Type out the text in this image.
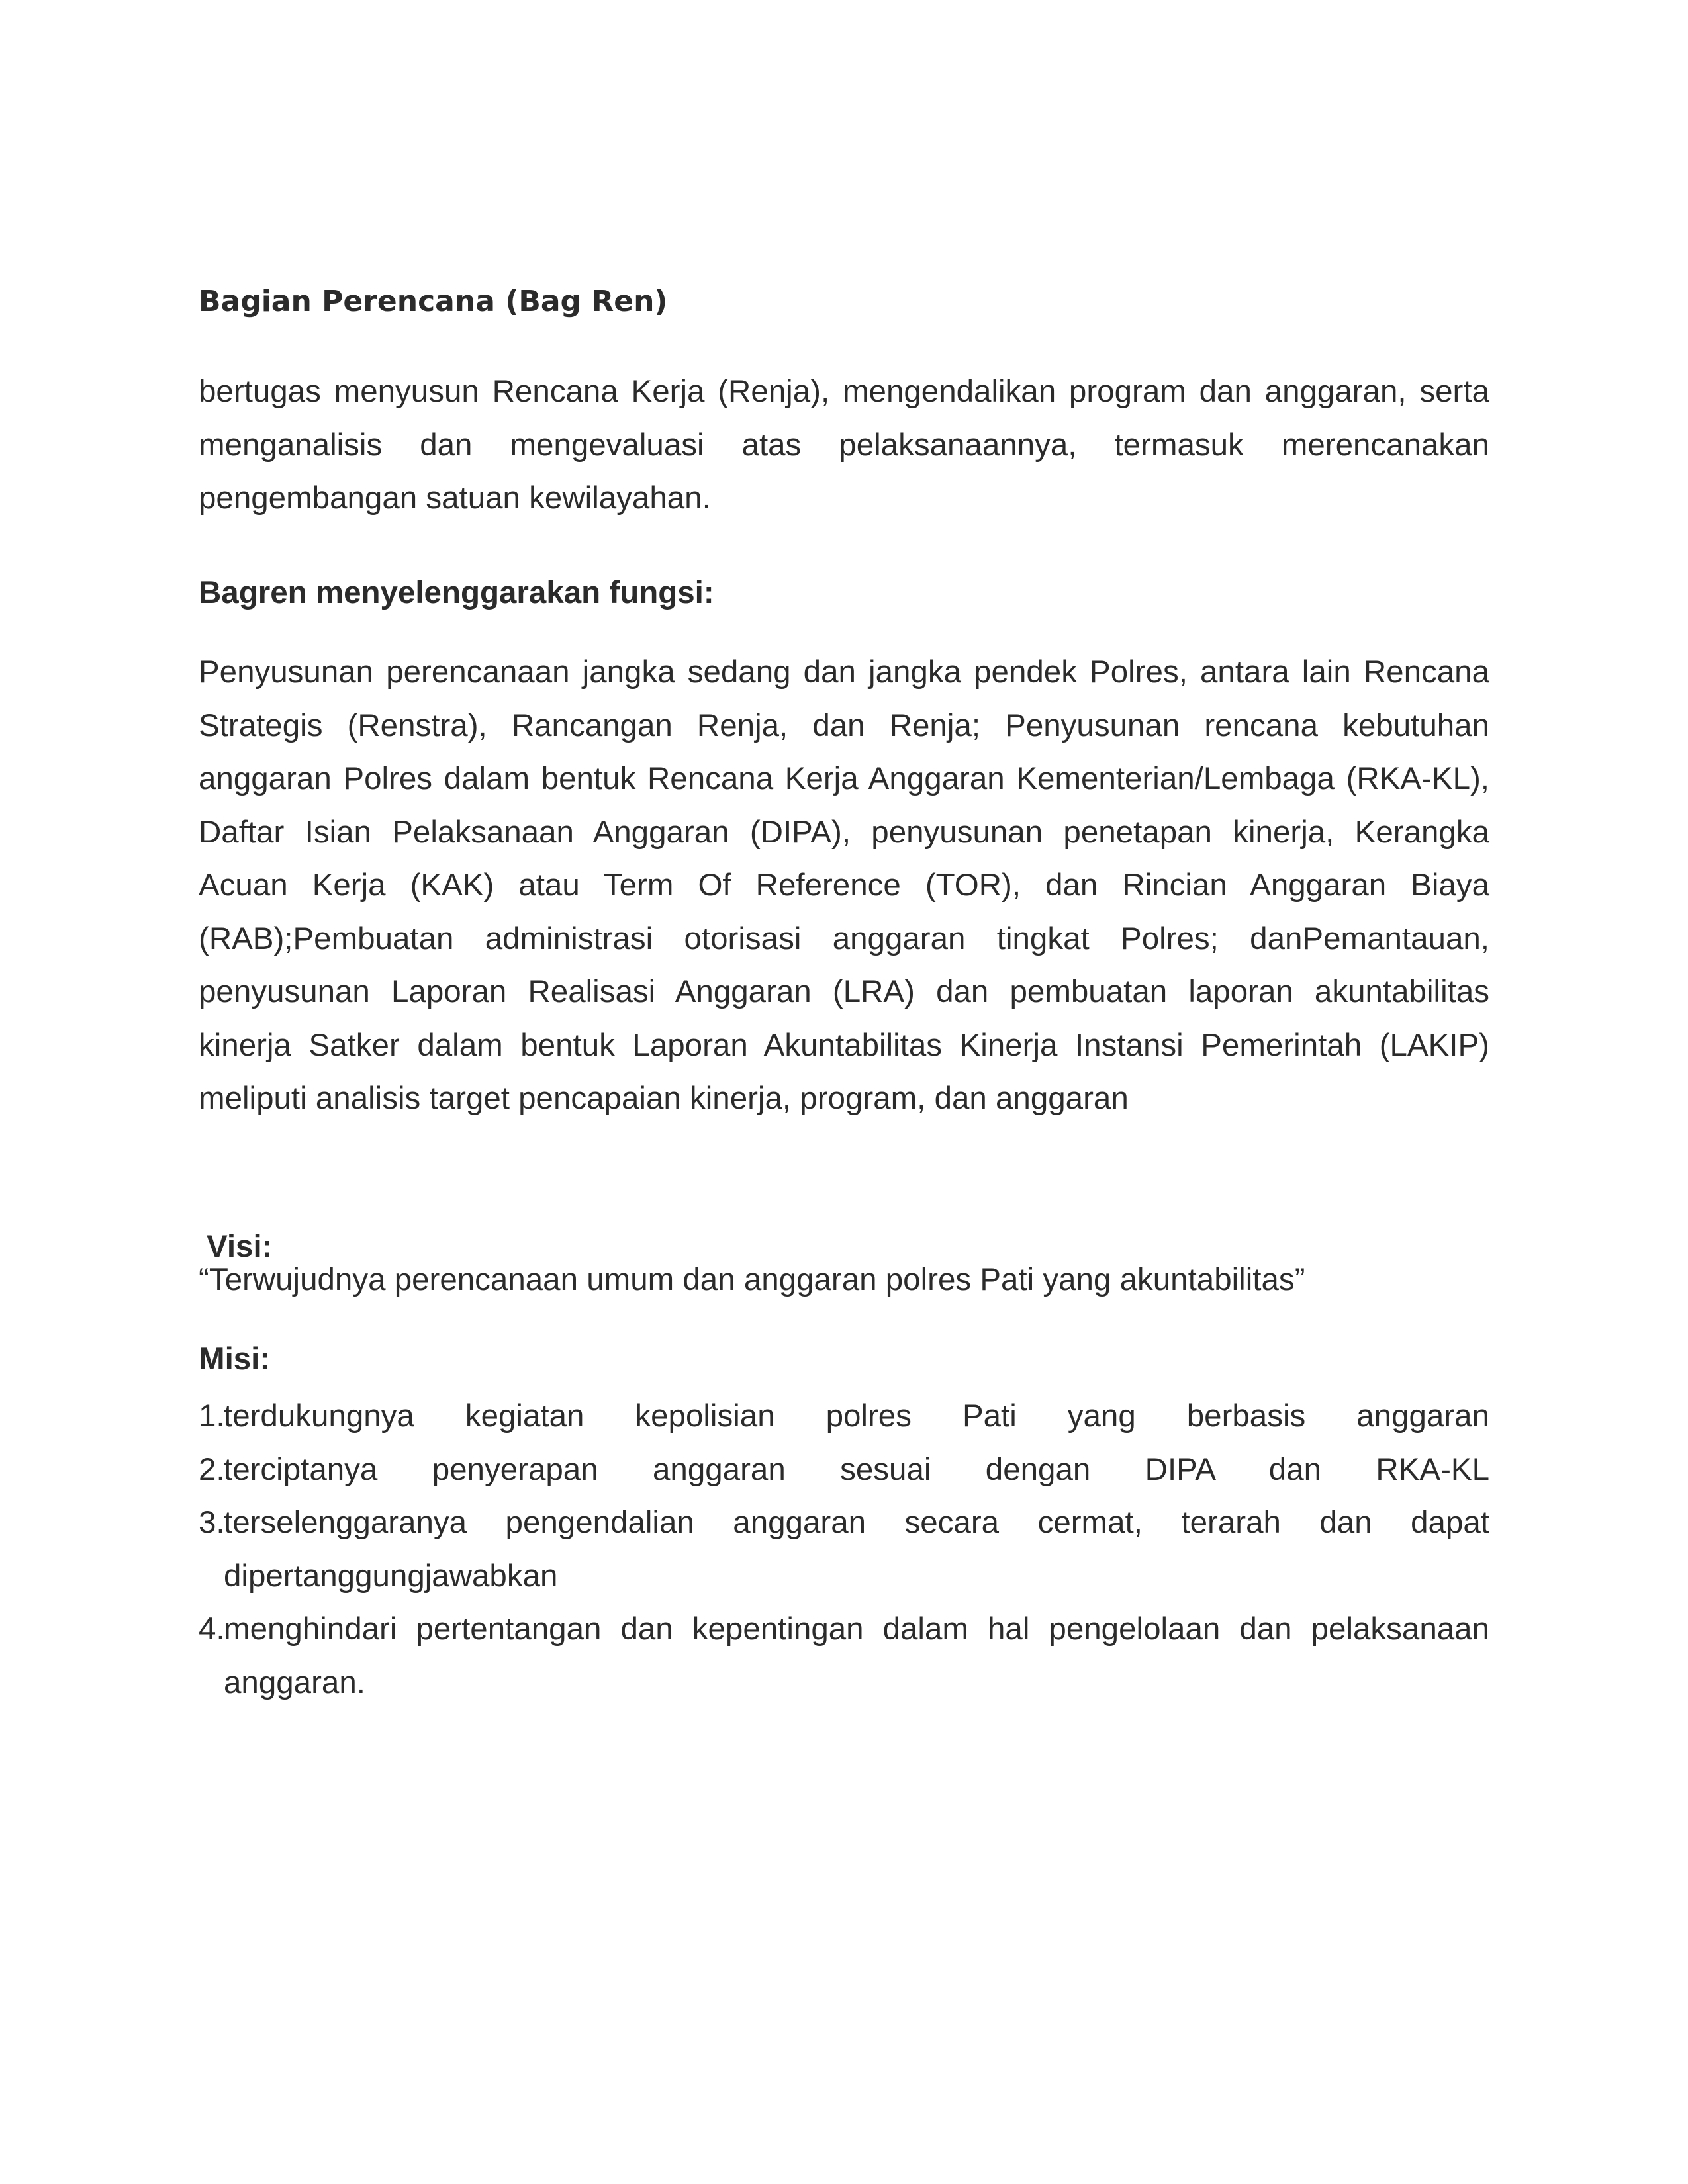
Bagian Perencana (Bag Ren)

bertugas menyusun Rencana Kerja (Renja), mengendalikan program dan anggaran, serta menganalisis dan mengevaluasi atas pelaksanaannya, termasuk merencanakan pengembangan satuan kewilayahan.

Bagren menyelenggarakan fungsi:

Penyusunan perencanaan jangka sedang dan jangka pendek Polres, antara lain Rencana Strategis (Renstra), Rancangan Renja, dan Renja; Penyusunan rencana kebutuhan anggaran Polres dalam bentuk Rencana Kerja Anggaran Kementerian/Lembaga (RKA-KL), Daftar Isian Pelaksanaan Anggaran (DIPA), penyusunan penetapan kinerja, Kerangka Acuan Kerja (KAK) atau Term Of Reference (TOR), dan Rincian Anggaran Biaya (RAB);Pembuatan administrasi otorisasi anggaran tingkat Polres; danPemantauan, penyusunan Laporan Realisasi Anggaran (LRA) dan pembuatan laporan akuntabilitas kinerja Satker dalam bentuk Laporan Akuntabilitas Kinerja Instansi Pemerintah (LAKIP) meliputi analisis target pencapaian kinerja, program, dan anggaran

Visi:

“Terwujudnya perencanaan umum dan anggaran polres Pati yang akuntabilitas”

Misi:
1.
terdukungnya kegiatan kepolisian polres Pati yang berbasis anggaran
2.
terciptanya penyerapan anggaran sesuai dengan DIPA dan RKA-KL
3.
terselenggaranya pengendalian anggaran secara cermat, terarah dan dapat dipertanggungjawabkan
4.
menghindari pertentangan dan kepentingan dalam hal pengelolaan dan pelaksanaan anggaran.
